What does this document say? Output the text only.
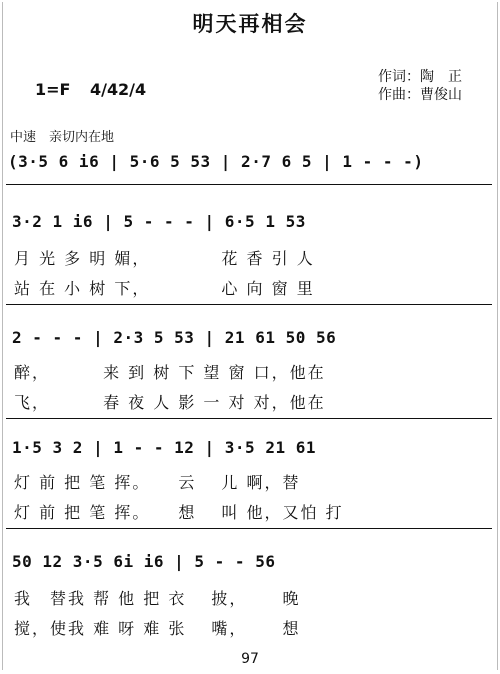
明天再相会
作词：陶　正
作曲：曹俊山
1=F 4/4 2/4
中速　亲切内在地
(3·5 6 i6 | 5·6 5 53 | 2·7 6 5 | 1 - - -)
3·2 1 i6 | 5 - - - | 6·5 1 53
月 光 多 明 媚，　　　　 花 香 引 人
站 在 小 树 下，　　　　 心 向 窗 里
2 - - - | 2·3 5 53 | 21 61 50 56
醉，　　　 来 到 树 下 望 窗 口，他在
飞，　　　 春 夜 人 影 一 对 对，他在
1·5 3 2 | 1 - - 12 | 3·5 21 61
灯 前 把 笔 挥。　　云　 儿 啊，替
灯 前 把 笔 挥。　　想　 叫 他，又怕 打
50 12 3·5 6i i6 | 5 - - 56
我　替我 帮 他 把 衣　 披，　　 晚
搅，使我 难 呀 难 张　 嘴，　　 想
97
